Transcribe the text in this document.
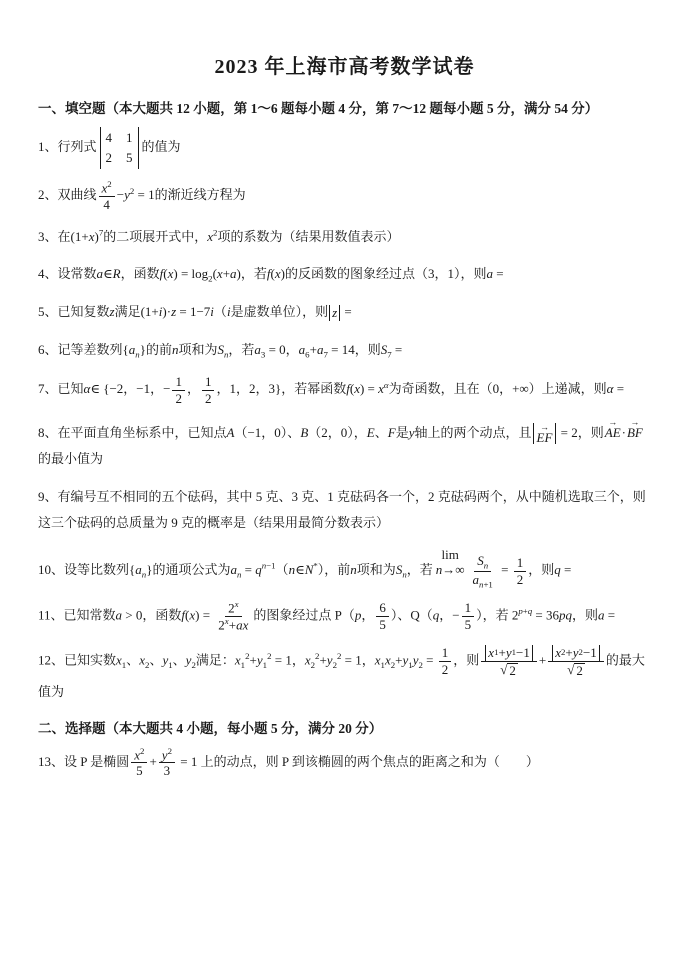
2023 年上海市高考数学试卷
一、填空题（本大题共 12 小题，第 1～6 题每小题 4 分，第 7～12 题每小题 5 分，满分 54 分）
1、行列式
4 1
2 5
的值为
2、双曲线 $\frac{x^2}{4} -y^2 = 1$的渐近线方程为
3、在$(1+x)^7$的二项展开式中，$x^2$项的系数为（结果用数值表示）
4、设常数a∈R，函数$f(x) = \log_2(x+a)$，若f(x)的反函数的图象经过点（3，1），则a =
5、已知复数z满足(1+i)·z = 1−7i（i是虚数单位），则 z =
6、记等差数列$\{a_n\}$的前n项和为$S_n$，若$a_3 = 0$，$a_6+a_7 = 14$，则$S_7$ =
7、已知α∈ {−2，−1，− $\frac{1}{2}$ ， $\frac{1}{2}$ ，1，2，3}，若幂函数$f(x) = x^\alpha$为奇函数，且在（0，+∞）上递减，则α =
8、在平面直角坐标系中，已知点A（−1，0）、B（2，0），E、F是y轴上的两个动点，且 →
EF = 2，则
→
AE ·
→
BF
的最小值为
9、有编号互不相同的五个砝码，其中 5 克、3 克、1 克砝码各一个，2 克砝码两个，从中随机选取三个，则这三个砝码的总质量为 9 克的概率是（结果用最简分数表示）
10、设等比数列$\{a_n\}$的通项公式为$a_n$ = $q^{n-1}(n\in N^*)$，前n项和为$S_n$，若
lim
$n\to\infty \frac{S_n}{a_{n+1}} = \frac{1}{2}$ ，则q =
11、已知常数a > 0，函数$f(x) = \frac{2^x}{2^x+ax}$ 的图象经过点 P（p， $\frac{6}{5}$ ）、Q（q，− $\frac{1}{5}$ ），若 $2^{p+q} = 36pq$，则a =
12、已知实数$x_1$、$x_2$、$y_1$、$y_2$满足：$x_1^2+y_1^2 = 1$，$x_2^2+y_2^2 = 1$，$x_1x_2+y_1y_2 = \frac{1}{2}$ ，则 $\frac{x 1 + y 1 -1}{√ 2} + \frac{x 2 + y 2 -1}{√ 2}$ 的最大值为
二、选择题（本大题共 4 小题，每小题 5 分，满分 20 分）
13、设 P 是椭圆 $\frac{x^2}{5} + \frac{y^2}{3} = 1$ 上的动点，则 P 到该椭圆的两个焦点的距离之和为（　　）
